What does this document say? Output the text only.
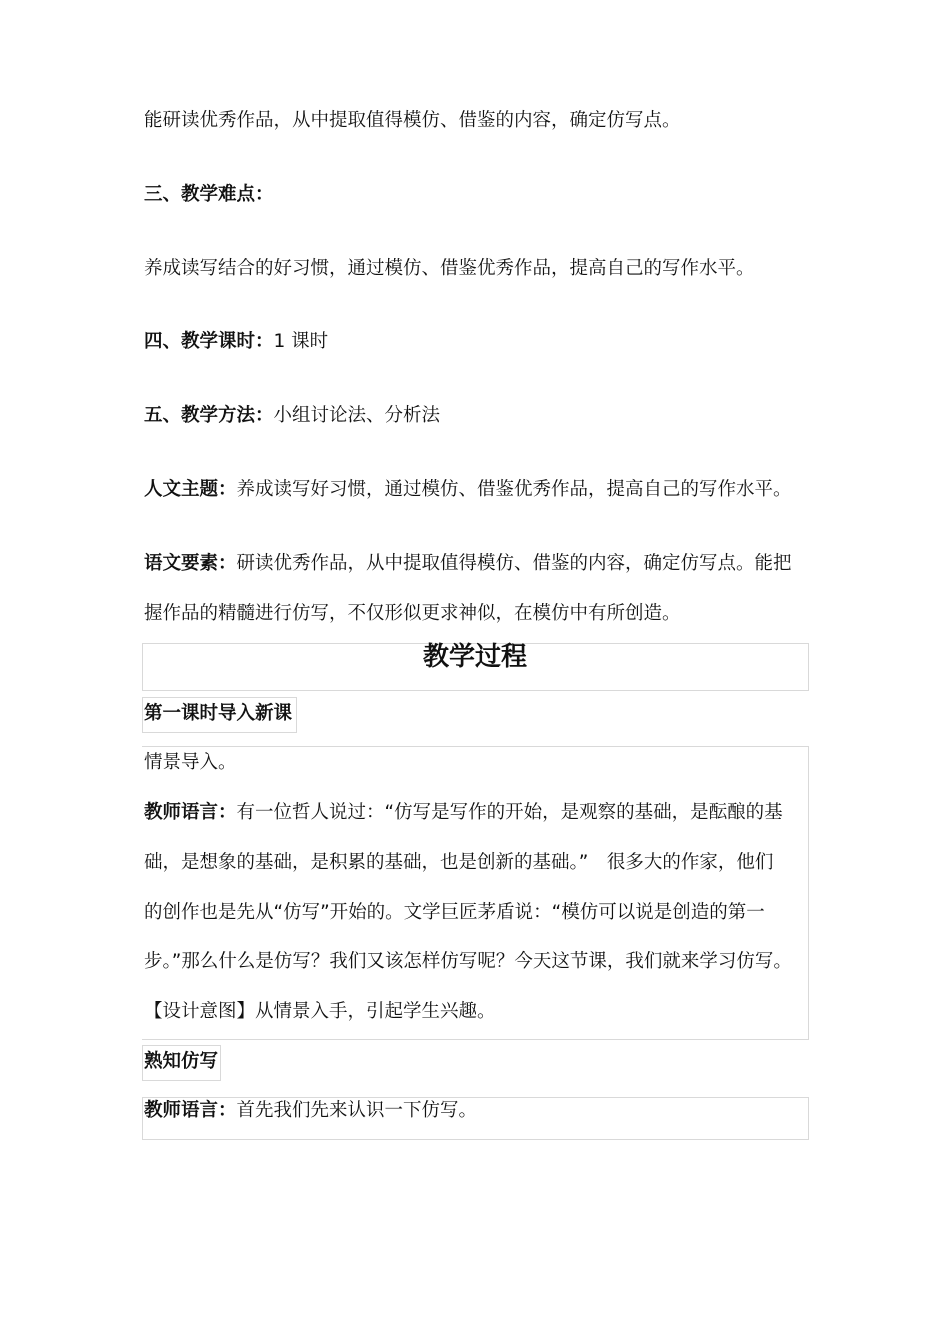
能研读优秀作品，从中提取值得模仿、借鉴的内容，确定仿写点。
三、教学难点：
养成读写结合的好习惯，通过模仿、借鉴优秀作品，提高自己的写作水平。
四、教学课时：1 课时
五、教学方法：小组讨论法、分析法
人文主题：养成读写好习惯，通过模仿、借鉴优秀作品，提高自己的写作水平。
语文要素：研读优秀作品，从中提取值得模仿、借鉴的内容，确定仿写点。能把
握作品的精髓进行仿写，不仅形似更求神似，在模仿中有所创造。
教学过程
第一课时导入新课
情景导入。
教师语言：有一位哲人说过：“仿写是写作的开始，是观察的基础，是酝酿的基
础，是想象的基础，是积累的基础，也是创新的基础。”　很多大的作家，他们
的创作也是先从“仿写”开始的。文学巨匠茅盾说：“模仿可以说是创造的第一
步。”那么什么是仿写？我们又该怎样仿写呢？今天这节课，我们就来学习仿写。
【设计意图】从情景入手，引起学生兴趣。
熟知仿写
教师语言：首先我们先来认识一下仿写。
